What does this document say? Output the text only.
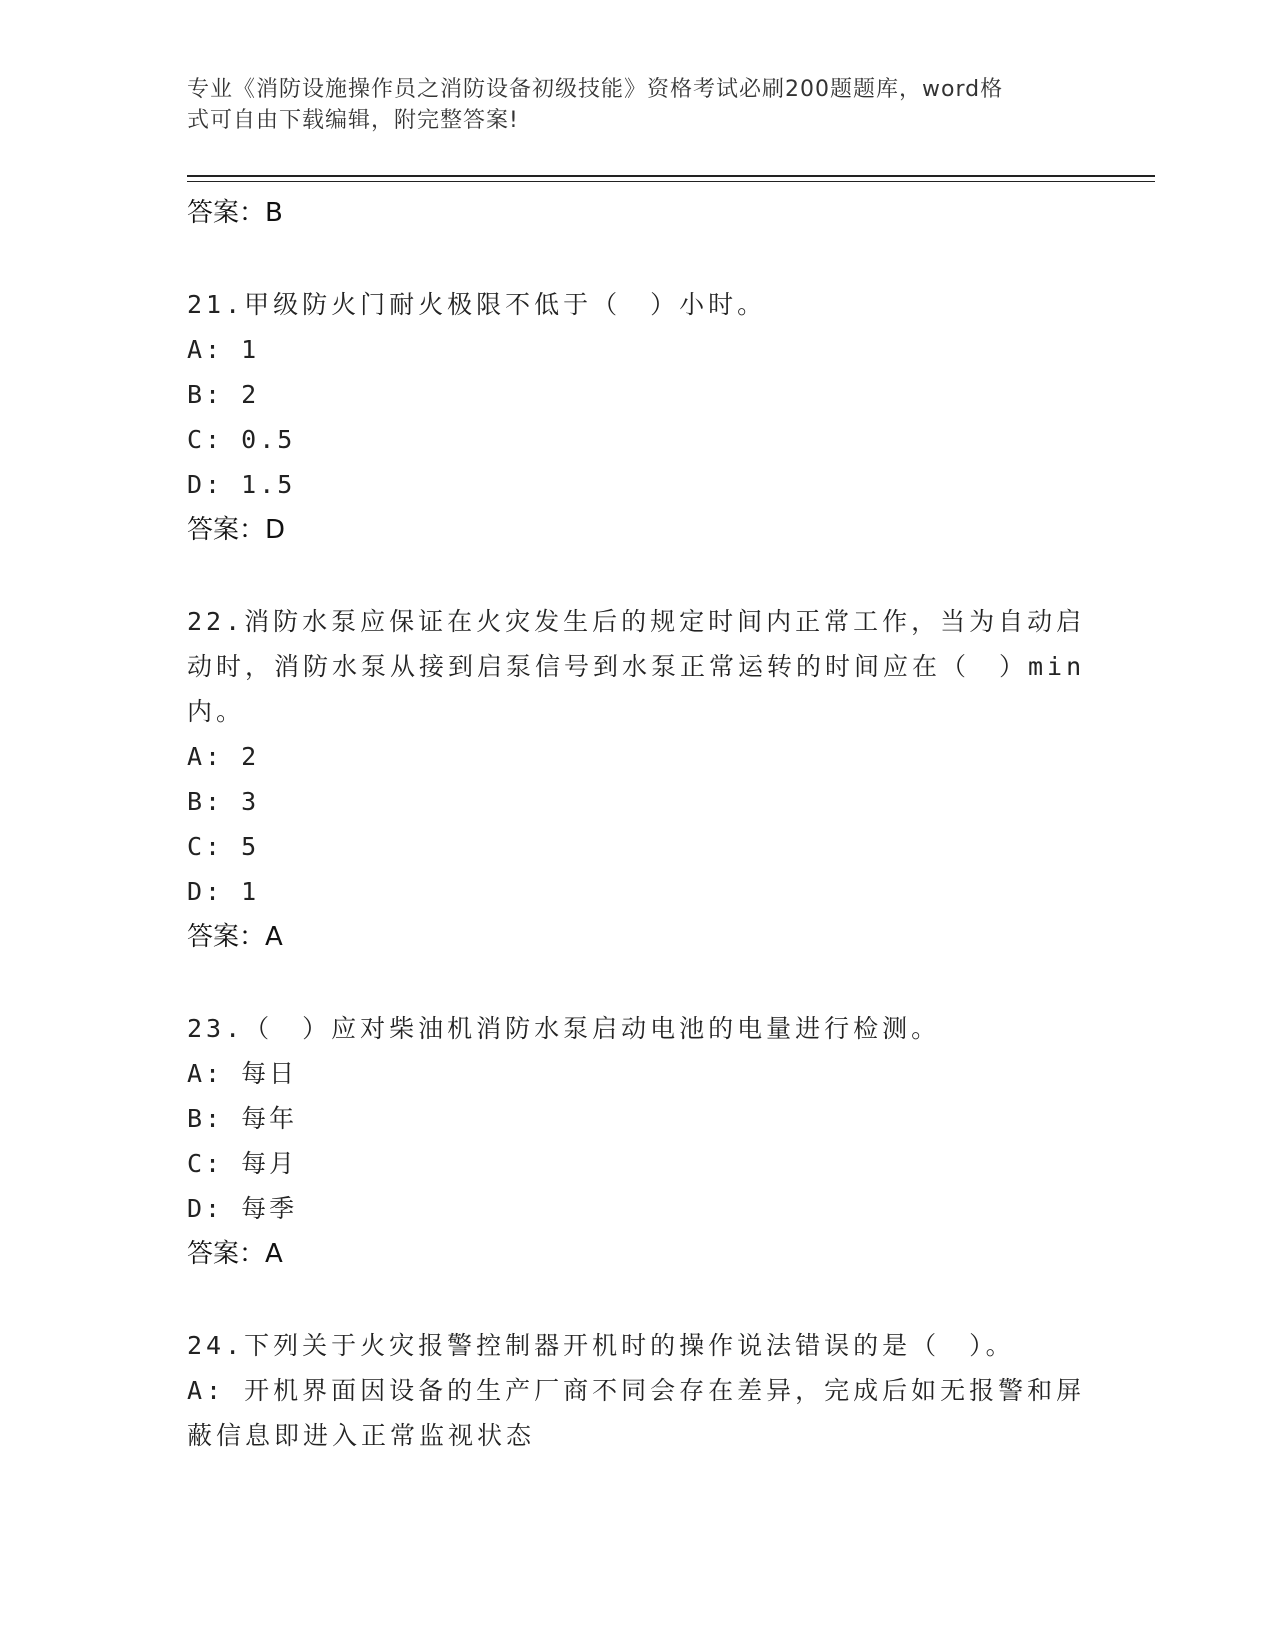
专业《消防设施操作员之消防设备初级技能》资格考试必刷200题题库，word格
式可自由下载编辑，附完整答案!
答案：B
21.甲级防火门耐火极限不低于（　）小时。
A: 1
B: 2
C: 0.5
D: 1.5
答案：D
22.消防水泵应保证在火灾发生后的规定时间内正常工作，当为自动启
动时，消防水泵从接到启泵信号到水泵正常运转的时间应在（　）min
内。
A: 2
B: 3
C: 5
D: 1
答案：A
23.（　）应对柴油机消防水泵启动电池的电量进行检测。
A: 每日
B: 每年
C: 每月
D: 每季
答案：A
24.下列关于火灾报警控制器开机时的操作说法错误的是（　）。
A: 开机界面因设备的生产厂商不同会存在差异，完成后如无报警和屏
蔽信息即进入正常监视状态
